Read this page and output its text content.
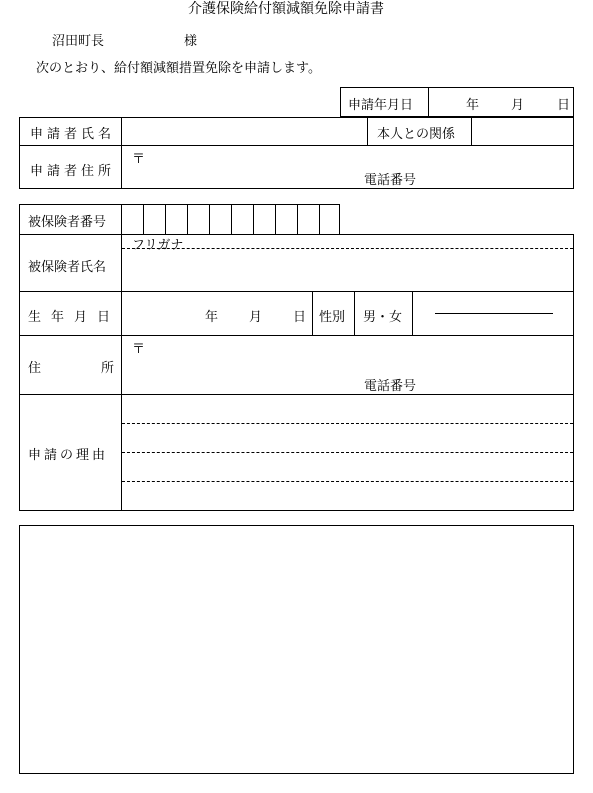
介護保険給付額減額免除申請書
沼田町長	様
次のとおり、給付額減額措置免除を申請します。
申請年月日	年 月	日
申請者氏名	本人との関係
申請者住所
〒
電話番号
被保険者番号
被保険者氏名
フリガナ
生年月日	年 月 日 性別 男・女
住	所
〒
電話番号
申請の理由
